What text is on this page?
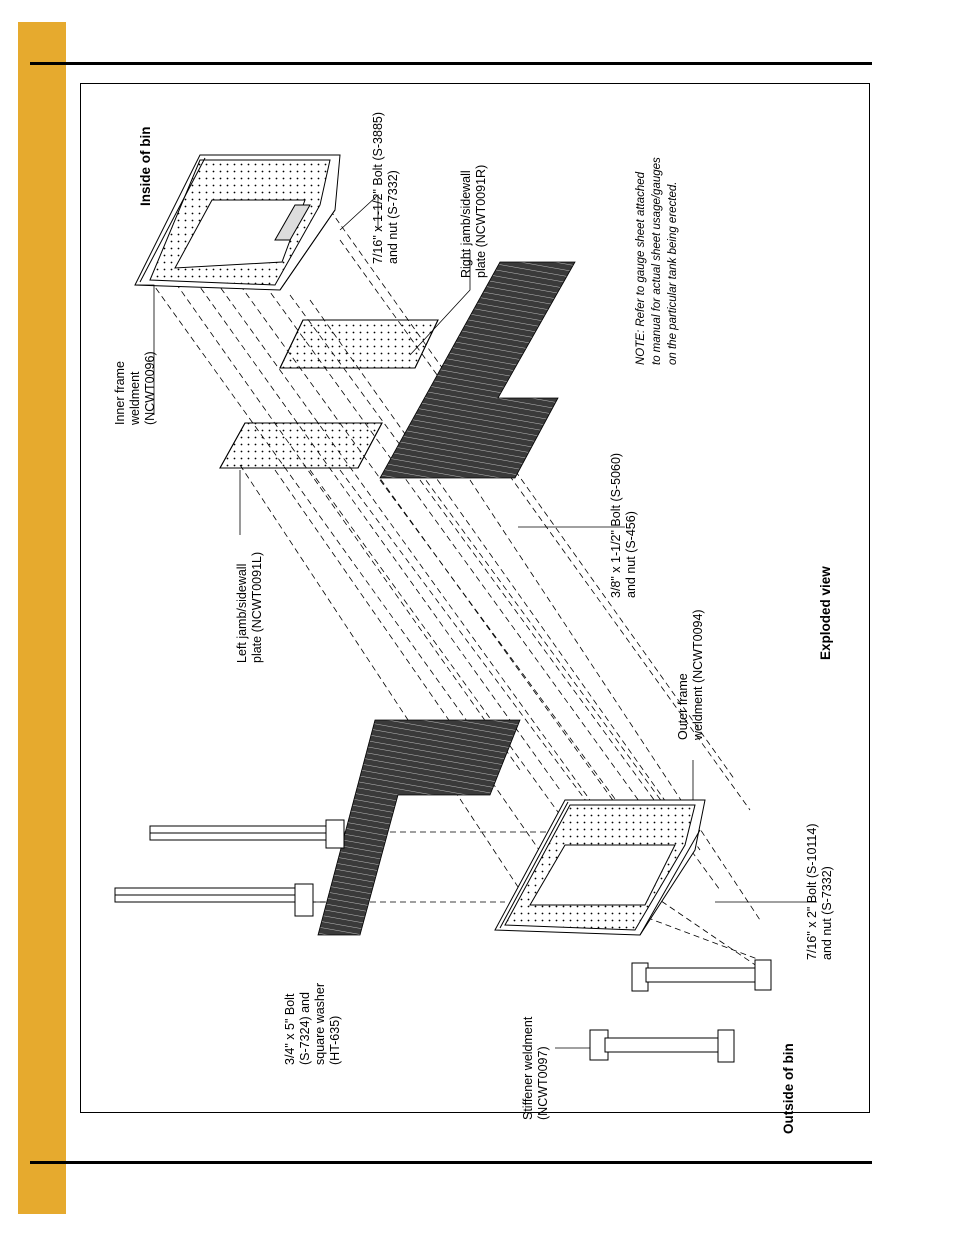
Inside of bin
Outside of bin
Exploded view
Inner frame weldment (NCWT0096)
7/16" x 1-1/2" Bolt (S-3885) and nut (S-7332)	Right jamb/sidewall plate (NCWT0091R)
Left jamb/sidewall plate (NCWT0091L)
3/8" x 1-1/2" Bolt (S-5060) and nut (S-456)
Outer frame weldment (NCWT0094)
7/16" x 2" Bolt (S-10114) and nut (S-7332)
Stiffener weldment (NCWT0097)
3/4" x 5" Bolt (S-7324) and square washer (HT-635)
NOTE: Refer to gauge sheet attached to manual for actual sheet usage/gauges on the particular tank being erected.
